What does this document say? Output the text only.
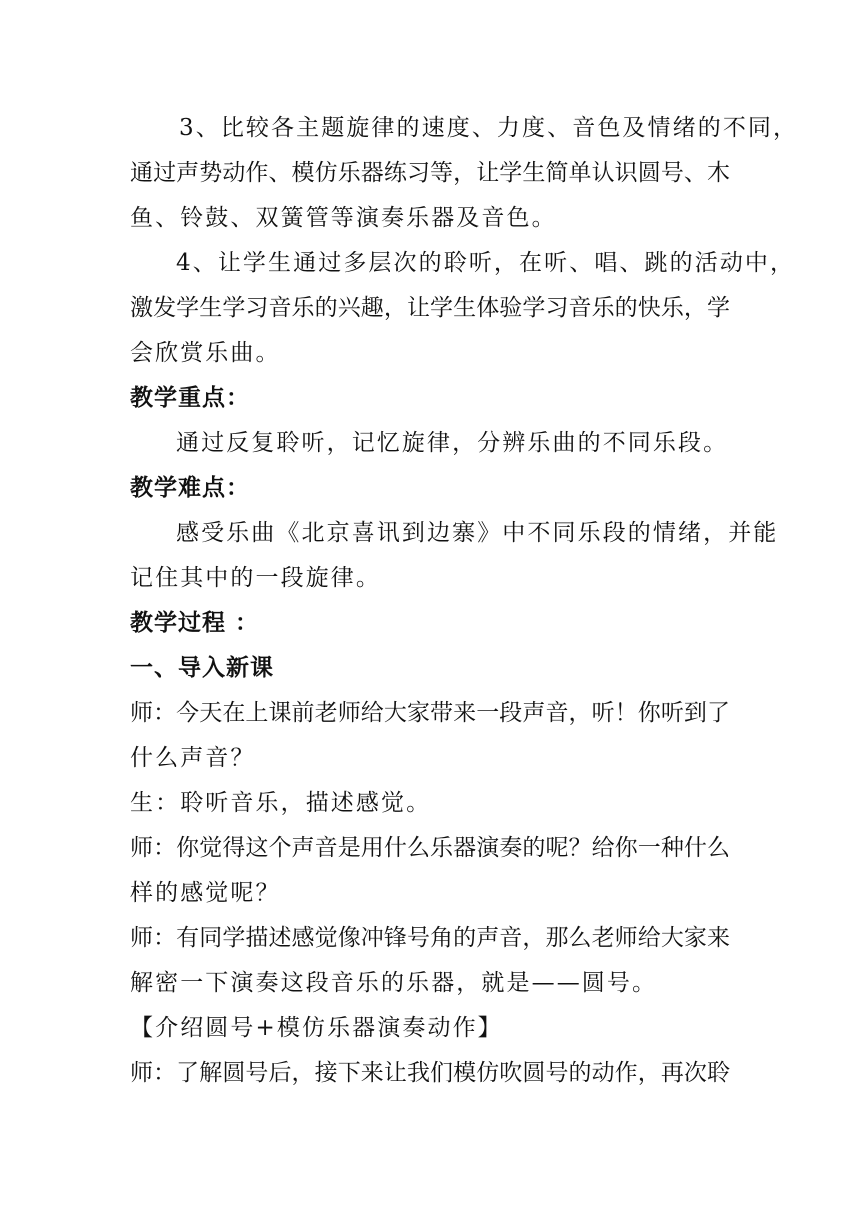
3、比较各主题旋律的速度、力度、音色及情绪的不同，
通过声势动作、模仿乐器练习等，让学生简单认识圆号、木
鱼、铃鼓、双簧管等演奏乐器及音色。
4、让学生通过多层次的聆听，在听、唱、跳的活动中，
激发学生学习音乐的兴趣，让学生体验学习音乐的快乐，学
会欣赏乐曲。
教学重点：
通过反复聆听，记忆旋律，分辨乐曲的不同乐段。
教学难点：
感受乐曲《北京喜讯到边寨》中不同乐段的情绪，并能
记住其中的一段旋律。
教学过程 ：
一、导入新课
师：今天在上课前老师给大家带来一段声音，听！你听到了
什么声音？
生：聆听音乐，描述感觉。
师：你觉得这个声音是用什么乐器演奏的呢？给你一种什么
样的感觉呢？
师：有同学描述感觉像冲锋号角的声音，那么老师给大家来
解密一下演奏这段音乐的乐器，就是——圆号。
【介绍圆号+模仿乐器演奏动作】
师：了解圆号后，接下来让我们模仿吹圆号的动作，再次聆
